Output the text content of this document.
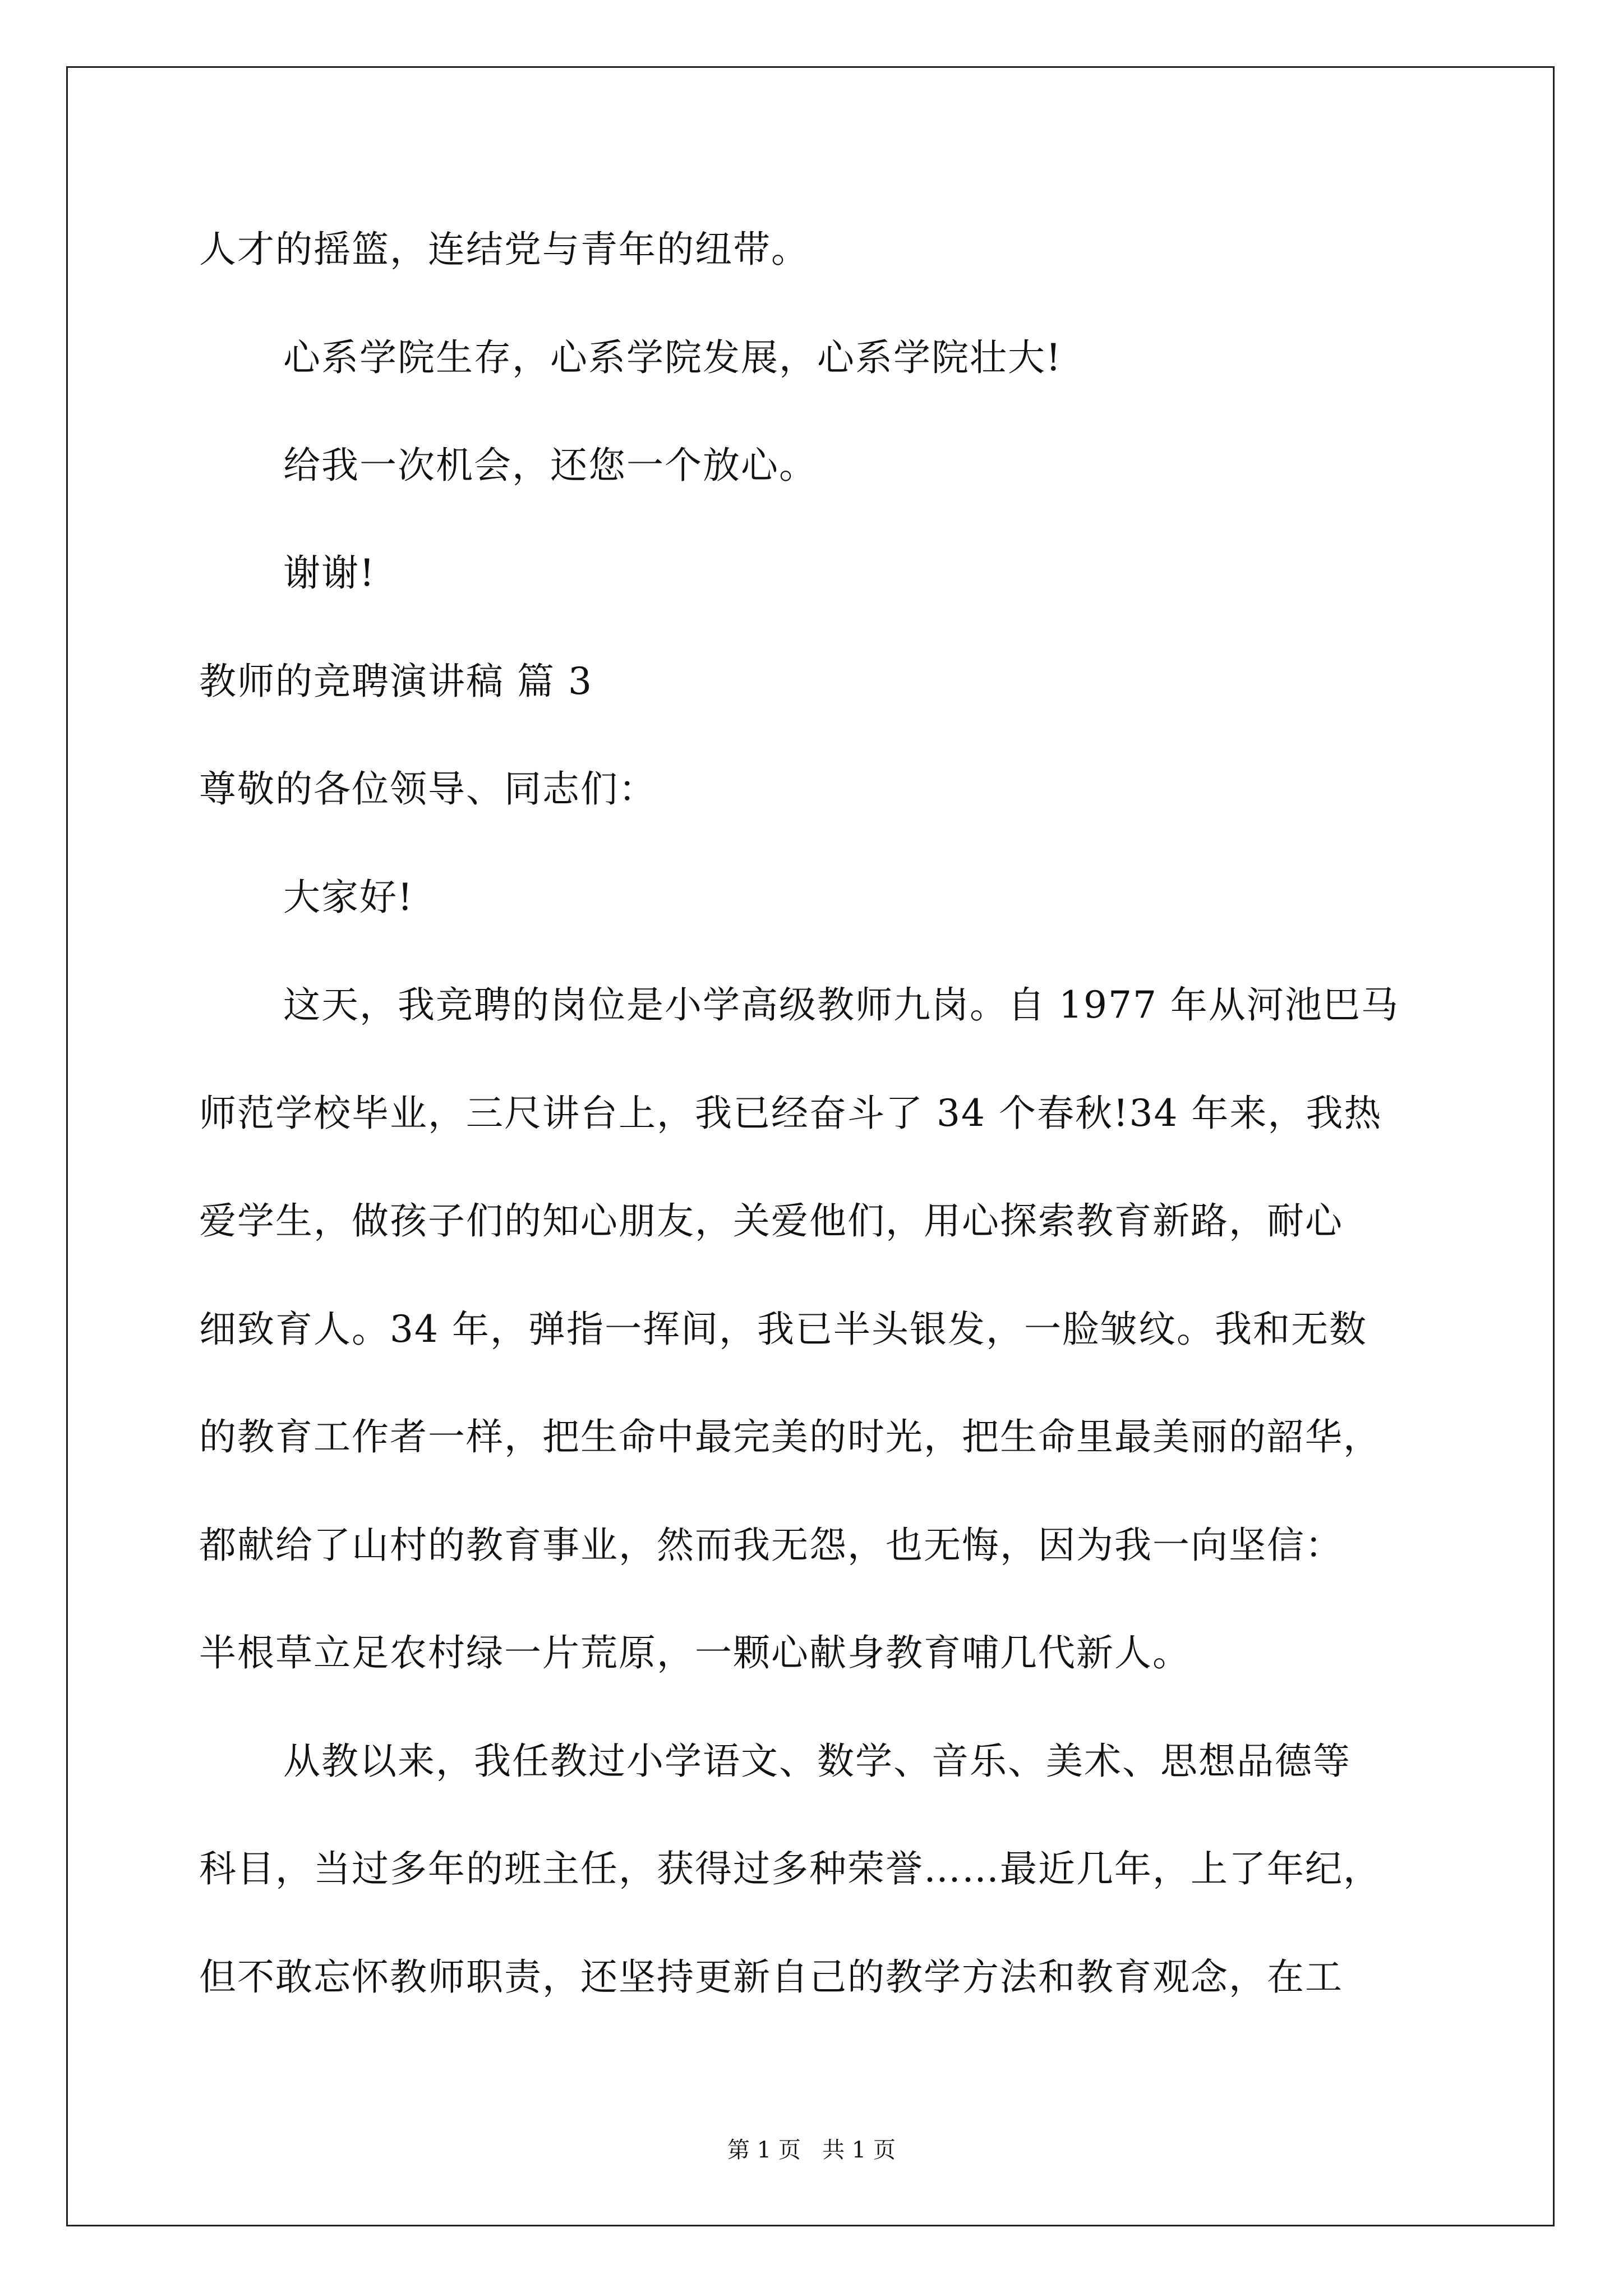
人才的摇篮，连结党与青年的纽带。
心系学院生存，心系学院发展，心系学院壮大!
给我一次机会，还您一个放心。
谢谢!
教师的竞聘演讲稿 篇 3
尊敬的各位领导、同志们：
大家好!
这天，我竞聘的岗位是小学高级教师九岗。自 1977 年从河池巴马
师范学校毕业，三尺讲台上，我已经奋斗了 34 个春秋!34 年来，我热
爱学生，做孩子们的知心朋友，关爱他们，用心探索教育新路，耐心
细致育人。34 年，弹指一挥间，我已半头银发，一脸皱纹。我和无数
的教育工作者一样，把生命中最完美的时光，把生命里最美丽的韶华，
都献给了山村的教育事业，然而我无怨，也无悔，因为我一向坚信：
半根草立足农村绿一片荒原，一颗心献身教育哺几代新人。
从教以来，我任教过小学语文、数学、音乐、美术、思想品德等
科目，当过多年的班主任，获得过多种荣誉……最近几年，上了年纪，
但不敢忘怀教师职责，还坚持更新自己的教学方法和教育观念，在工
第 1 页   共 1 页
